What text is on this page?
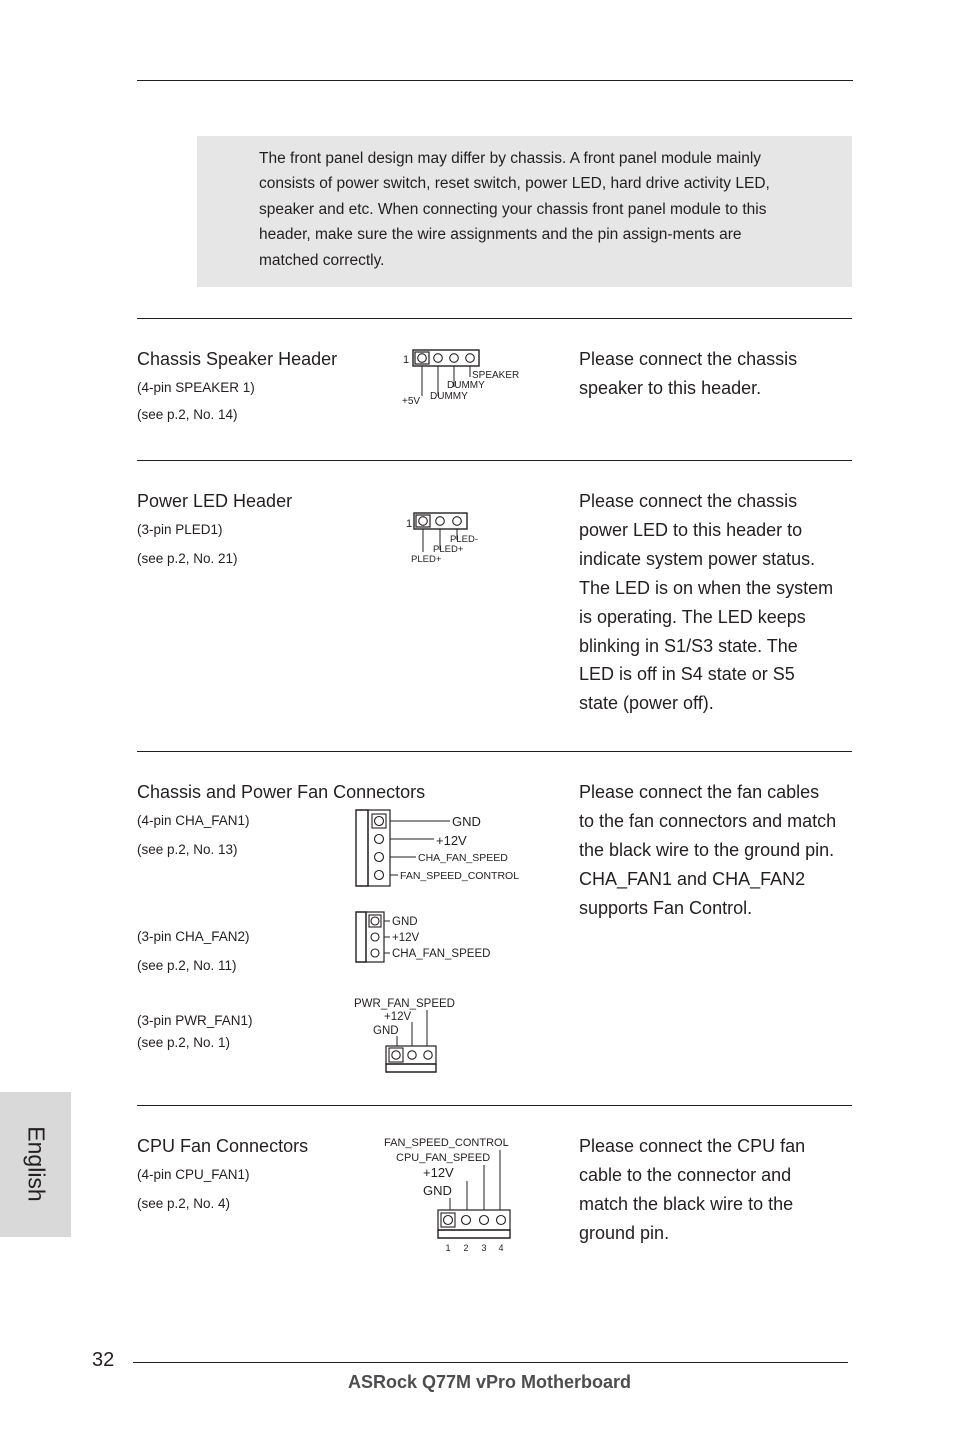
The front panel design may differ by chassis. A front panel module mainly
consists of power switch, reset switch, power LED, hard drive activity LED,
speaker and etc. When connecting your chassis front panel module to this
header, make sure the wire assignments and the pin assign-ments are
matched correctly.
Chassis Speaker Header
(4-pin SPEAKER 1)
(see p.2, No. 14)
1
SPEAKER
DUMMY
+5V DUMMY
Please connect the chassis
speaker to this header.
Power LED Header
(3-pin PLED1)
(see p.2, No. 21)
1
PLED-
PLED+
PLED+
Please connect the chassis
power LED to this header to
indicate system power status.
The LED is on when the system
is operating. The LED keeps
blinking in S1/S3 state. The
LED is off in S4 state or S5
state (power off).
Chassis and Power Fan Connectors
(4-pin CHA_FAN1)
(see p.2, No. 13)
(3-pin CHA_FAN2)
(see p.2, No. 11)
(3-pin PWR_FAN1)
(see p.2, No. 1)
GND
+12V
CHA_FAN_SPEED
FAN_SPEED_CONTROL
GND
+12V
CHA_FAN_SPEED
PWR_FAN_SPEED
+12V
GND
Please connect the fan cables
to the fan connectors and match
the black wire to the ground pin.
CHA_FAN1 and CHA_FAN2
supports Fan Control.
CPU Fan Connectors
(4-pin CPU_FAN1)
(see p.2, No. 4)
FAN_SPEED_CONTROL
CPU_FAN_SPEED
+12V
GND
1 2 3 4
Please connect the CPU fan
cable to the connector and
match the black wire to the
ground pin.
English
32
ASRock Q77M vPro Motherboard
